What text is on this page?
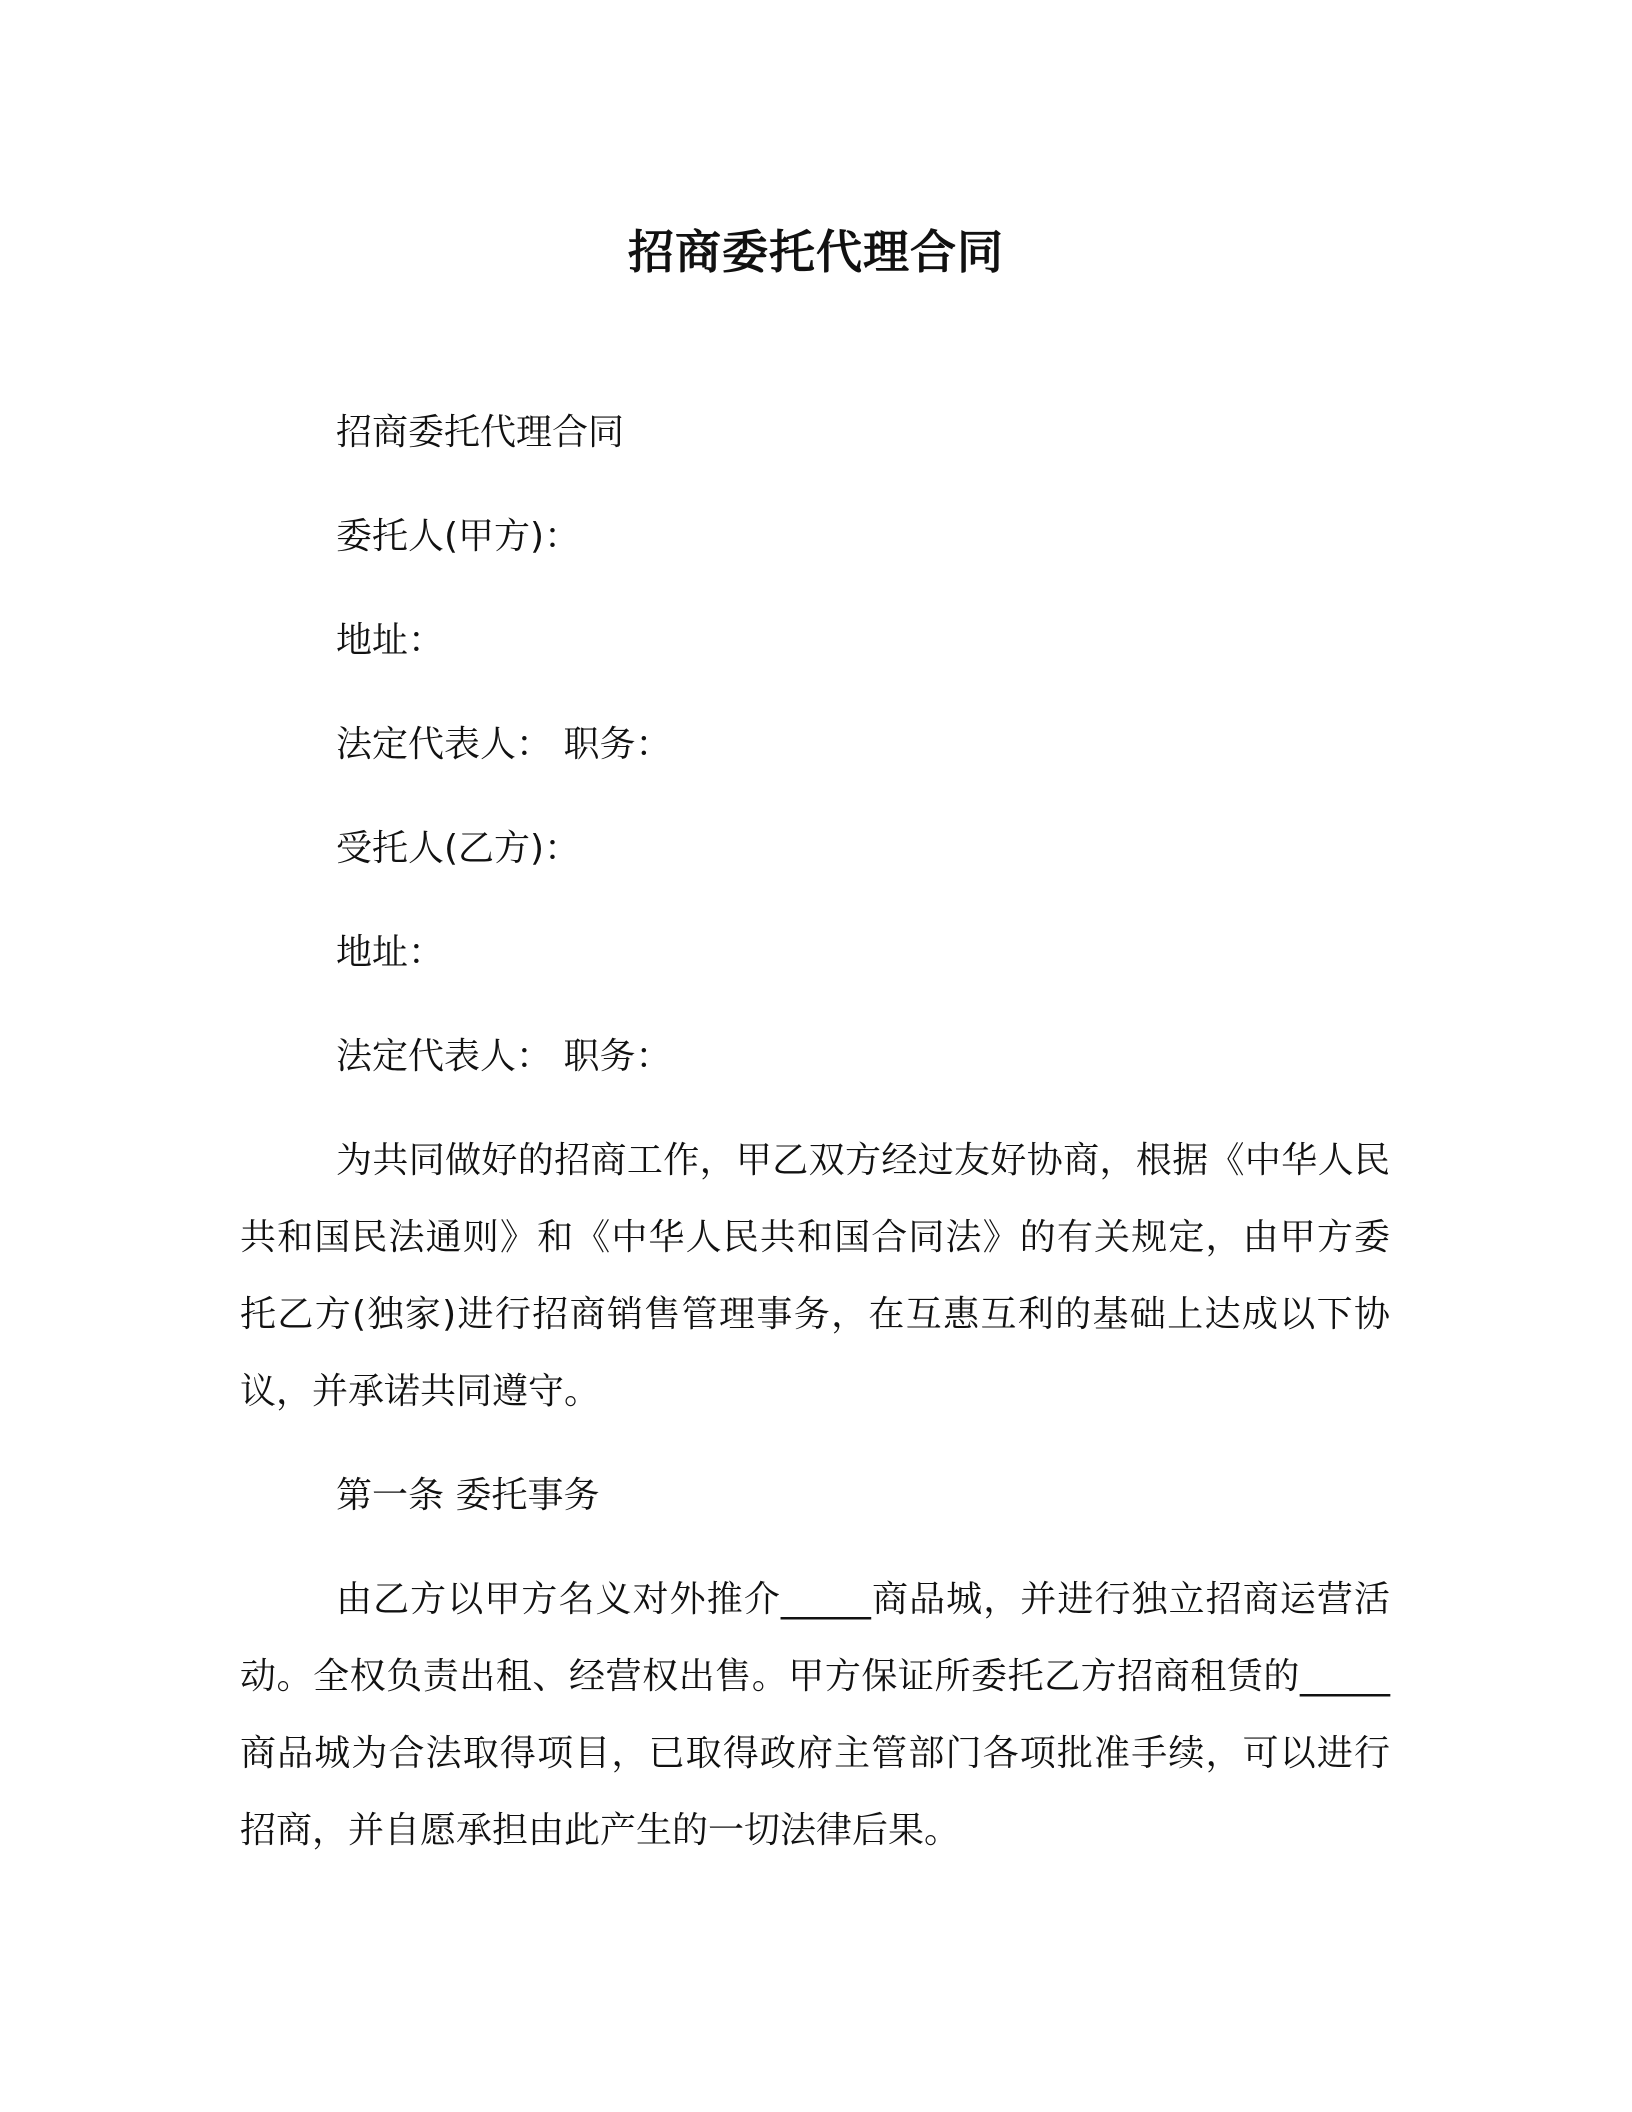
招商委托代理合同
招商委托代理合同
委托人(甲方)：
地址：
法定代表人： 职务：
受托人(乙方)：
地址：
法定代表人： 职务：
为共同做好的招商工作，甲乙双方经过友好协商，根据《中华人民共和国民法通则》和《中华人民共和国合同法》的有关规定，由甲方委托乙方(独家)进行招商销售管理事务，在互惠互利的基础上达成以下协议，并承诺共同遵守。
第一条 委托事务
由乙方以甲方名义对外推介_____商品城，并进行独立招商运营活动。全权负责出租、经营权出售。甲方保证所委托乙方招商租赁的_____商品城为合法取得项目，已取得政府主管部门各项批准手续，可以进行招商，并自愿承担由此产生的一切法律后果。
